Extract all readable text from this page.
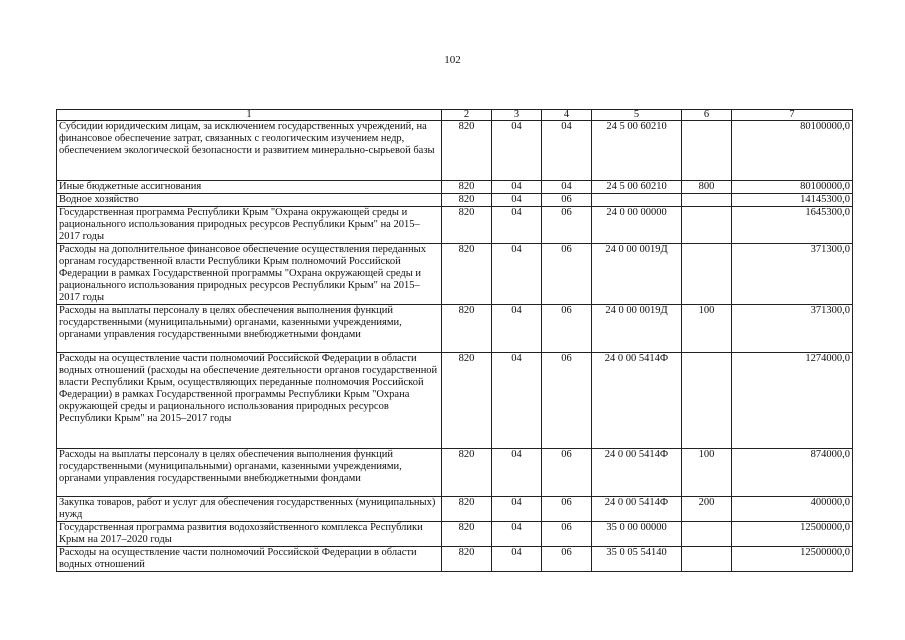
102
1	2	3	4	5	6	7
Субсидии юридическим лицам, за исключением государственных учреждений, на финансовое обеспечение затрат, связанных с геологическим изучением недр, обеспечением экологической безопасности и развитием минерально-сырьевой базы	820	04	04	24 5 00 60210		80100000,0
Иные бюджетные ассигнования	820	04	04	24 5 00 60210	800	80100000,0
Водное хозяйство	820	04	06			14145300,0
Государственная программа Республики Крым "Охрана окружающей среды и рационального использования природных ресурсов Республики Крым" на 2015–2017 годы	820	04	06	24 0 00 00000		1645300,0
Расходы на дополнительное финансовое обеспечение осуществления переданных органам государственной власти Республики Крым полномочий Российской Федерации в рамках Государственной программы "Охрана окружающей среды и рационального использования природных ресурсов Республики Крым" на 2015–2017 годы	820	04	06	24 0 00 0019Д		371300,0
Расходы на выплаты персоналу в целях обеспечения выполнения функций государственными (муниципальными) органами, казенными учреждениями, органами управления государственными внебюджетными фондами	820	04	06	24 0 00 0019Д	100	371300,0
Расходы на осуществление части полномочий Российской Федерации в области водных отношений (расходы на обеспечение деятельности органов государственной власти Республики Крым, осуществляющих переданные полномочия Российской Федерации) в рамках Государственной программы Республики Крым "Охрана окружающей среды и рационального использования природных ресурсов Республики Крым" на 2015–2017 годы	820	04	06	24 0 00 5414Ф		1274000,0
Расходы на выплаты персоналу в целях обеспечения выполнения функций государственными (муниципальными) органами, казенными учреждениями, органами управления государственными внебюджетными фондами	820	04	06	24 0 00 5414Ф	100	874000,0
Закупка товаров, работ и услуг для обеспечения государственных (муниципальных) нужд	820	04	06	24 0 00 5414Ф	200	400000,0
Государственная программа развития водохозяйственного комплекса Республики Крым на 2017–2020 годы	820	04	06	35 0 00 00000		12500000,0
Расходы на осуществление части полномочий Российской Федерации в области водных отношений	820	04	06	35 0 05 54140		12500000,0
